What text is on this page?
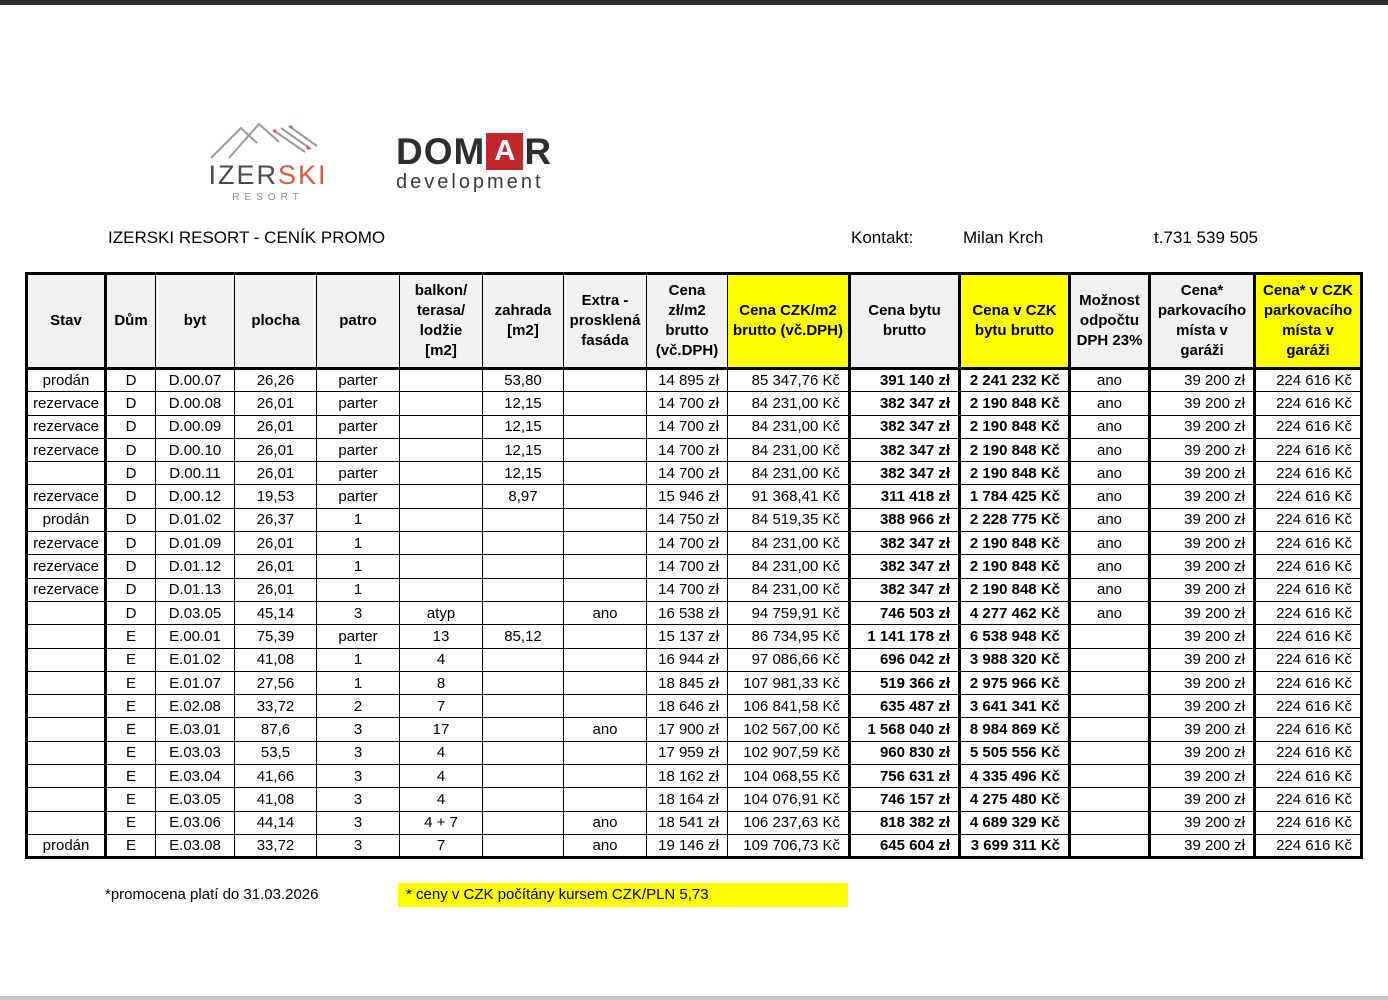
IZERSKI
RESORT
DOM A R
development
IZERSKI RESORT - CENÍK PROMO	Kontakt:	Milan Krch	t.731 539 505
Stav	Dům	byt	plocha	patro	balkon/ terasa/ lodžie [m2]	zahrada [m2]	Extra - prosklená fasáda	Cena zł/m2 brutto (vč.DPH)	Cena CZK/m2 brutto (vč.DPH)	Cena bytu brutto	Cena v CZK bytu brutto	Možnost odpočtu DPH 23%	Cena* parkovacího místa v garáži	Cena* v CZK parkovacího místa v garáži
prodán	D	D.00.07	26,26	parter		53,80		14 895 zł	85 347,76 Kč	391 140 zł	2 241 232 Kč	ano	39 200 zł	224 616 Kč
rezervace	D	D.00.08	26,01	parter		12,15		14 700 zł	84 231,00 Kč	382 347 zł	2 190 848 Kč	ano	39 200 zł	224 616 Kč
rezervace	D	D.00.09	26,01	parter		12,15		14 700 zł	84 231,00 Kč	382 347 zł	2 190 848 Kč	ano	39 200 zł	224 616 Kč
rezervace	D	D.00.10	26,01	parter		12,15		14 700 zł	84 231,00 Kč	382 347 zł	2 190 848 Kč	ano	39 200 zł	224 616 Kč
	D	D.00.11	26,01	parter		12,15		14 700 zł	84 231,00 Kč	382 347 zł	2 190 848 Kč	ano	39 200 zł	224 616 Kč
rezervace	D	D.00.12	19,53	parter		8,97		15 946 zł	91 368,41 Kč	311 418 zł	1 784 425 Kč	ano	39 200 zł	224 616 Kč
prodán	D	D.01.02	26,37	1				14 750 zł	84 519,35 Kč	388 966 zł	2 228 775 Kč	ano	39 200 zł	224 616 Kč
rezervace	D	D.01.09	26,01	1				14 700 zł	84 231,00 Kč	382 347 zł	2 190 848 Kč	ano	39 200 zł	224 616 Kč
rezervace	D	D.01.12	26,01	1				14 700 zł	84 231,00 Kč	382 347 zł	2 190 848 Kč	ano	39 200 zł	224 616 Kč
rezervace	D	D.01.13	26,01	1				14 700 zł	84 231,00 Kč	382 347 zł	2 190 848 Kč	ano	39 200 zł	224 616 Kč
	D	D.03.05	45,14	3	atyp		ano	16 538 zł	94 759,91 Kč	746 503 zł	4 277 462 Kč	ano	39 200 zł	224 616 Kč
	E	E.00.01	75,39	parter	13	85,12		15 137 zł	86 734,95 Kč	1 141 178 zł	6 538 948 Kč		39 200 zł	224 616 Kč
	E	E.01.02	41,08	1	4			16 944 zł	97 086,66 Kč	696 042 zł	3 988 320 Kč		39 200 zł	224 616 Kč
	E	E.01.07	27,56	1	8			18 845 zł	107 981,33 Kč	519 366 zł	2 975 966 Kč		39 200 zł	224 616 Kč
	E	E.02.08	33,72	2	7			18 646 zł	106 841,58 Kč	635 487 zł	3 641 341 Kč		39 200 zł	224 616 Kč
	E	E.03.01	87,6	3	17		ano	17 900 zł	102 567,00 Kč	1 568 040 zł	8 984 869 Kč		39 200 zł	224 616 Kč
	E	E.03.03	53,5	3	4			17 959 zł	102 907,59 Kč	960 830 zł	5 505 556 Kč		39 200 zł	224 616 Kč
	E	E.03.04	41,66	3	4			18 162 zł	104 068,55 Kč	756 631 zł	4 335 496 Kč		39 200 zł	224 616 Kč
	E	E.03.05	41,08	3	4			18 164 zł	104 076,91 Kč	746 157 zł	4 275 480 Kč		39 200 zł	224 616 Kč
	E	E.03.06	44,14	3	4 + 7		ano	18 541 zł	106 237,63 Kč	818 382 zł	4 689 329 Kč		39 200 zł	224 616 Kč
prodán	E	E.03.08	33,72	3	7		ano	19 146 zł	109 706,73 Kč	645 604 zł	3 699 311 Kč		39 200 zł	224 616 Kč
*promocena platí do 31.03.2026	* ceny v CZK počítány kursem CZK/PLN 5,73
